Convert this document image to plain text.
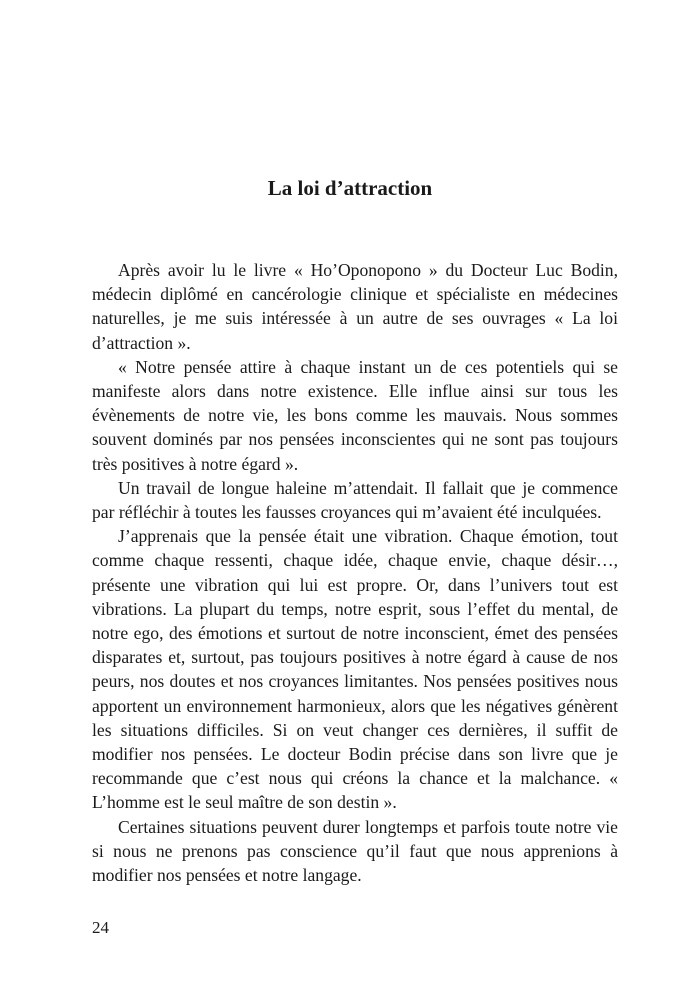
La loi d’attraction

Après avoir lu le livre « Ho’Oponopono » du Docteur Luc Bodin, médecin diplômé en cancérologie clinique et spécialiste en médecines naturelles, je me suis intéressée à un autre de ses ouvrages « La loi d’attraction ».

« Notre pensée attire à chaque instant un de ces potentiels qui se manifeste alors dans notre existence. Elle influe ainsi sur tous les évènements de notre vie, les bons comme les mauvais. Nous sommes souvent dominés par nos pensées inconscientes qui ne sont pas toujours très positives à notre égard ».

Un travail de longue haleine m’attendait. Il fallait que je commence par réfléchir à toutes les fausses croyances qui m’avaient été inculquées.

J’apprenais que la pensée était une vibration. Chaque émotion, tout comme chaque ressenti, chaque idée, chaque envie, chaque désir…, présente une vibration qui lui est propre. Or, dans l’univers tout est vibrations. La plupart du temps, notre esprit, sous l’effet du mental, de notre ego, des émotions et surtout de notre inconscient, émet des pensées disparates et, surtout, pas toujours positives à notre égard à cause de nos peurs, nos doutes et nos croyances limitantes. Nos pensées positives nous apportent un environnement harmonieux, alors que les négatives génèrent les situations difficiles. Si on veut changer ces dernières, il suffit de modifier nos pensées. Le docteur Bodin précise dans son livre que je recommande que c’est nous qui créons la chance et la malchance. « L’homme est le seul maître de son destin ».

Certaines situations peuvent durer longtemps et parfois toute notre vie si nous ne prenons pas conscience qu’il faut que nous apprenions à modifier nos pensées et notre langage.

24
